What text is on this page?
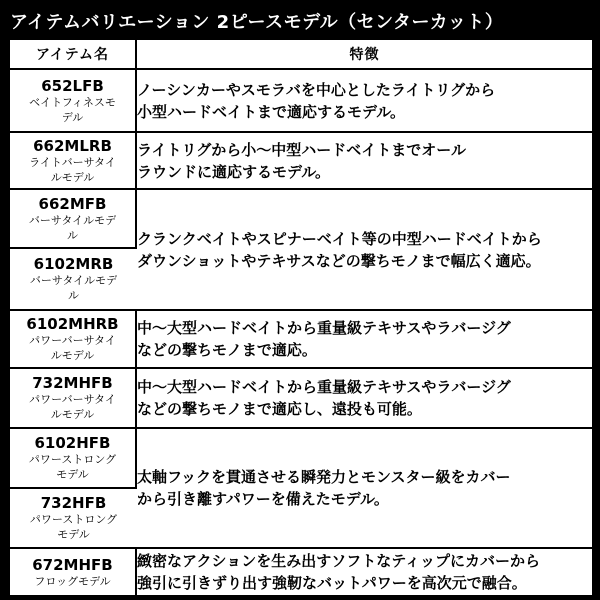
アイテムバリエーション 2ピースモデル（センターカット）
アイテム名	特徴

652LFB
ベイトフィネスモデル	ノーシンカーやスモラバを中心としたライトリグから
小型ハードベイトまで適応するモデル。

662MLRB
ライトバーサタイルモデル	ライトリグから小〜中型ハードベイトまでオール
ラウンドに適応するモデル。

662MFB
バーサタイルモデル	クランクベイトやスピナーベイト等の中型ハードベイトから
ダウンショットやテキサスなどの撃ちモノまで幅広く適応。

6102MRB
バーサタイルモデル	

6102MHRB
パワーバーサタイルモデル	中〜大型ハードベイトから重量級テキサスやラバージグ
などの撃ちモノまで適応。

732MHFB
パワーバーサタイルモデル	中〜大型ハードベイトから重量級テキサスやラバージグ
などの撃ちモノまで適応し、遠投も可能。

6102HFB
パワーストロングモデル	太軸フックを貫通させる瞬発力とモンスター級をカバー
から引き離すパワーを備えたモデル。

732HFB
パワーストロングモデル	

672MHFB
フロッグモデル	緻密なアクションを生み出すソフトなティップにカバーから
強引に引きずり出す強靭なバットパワーを高次元で融合。
